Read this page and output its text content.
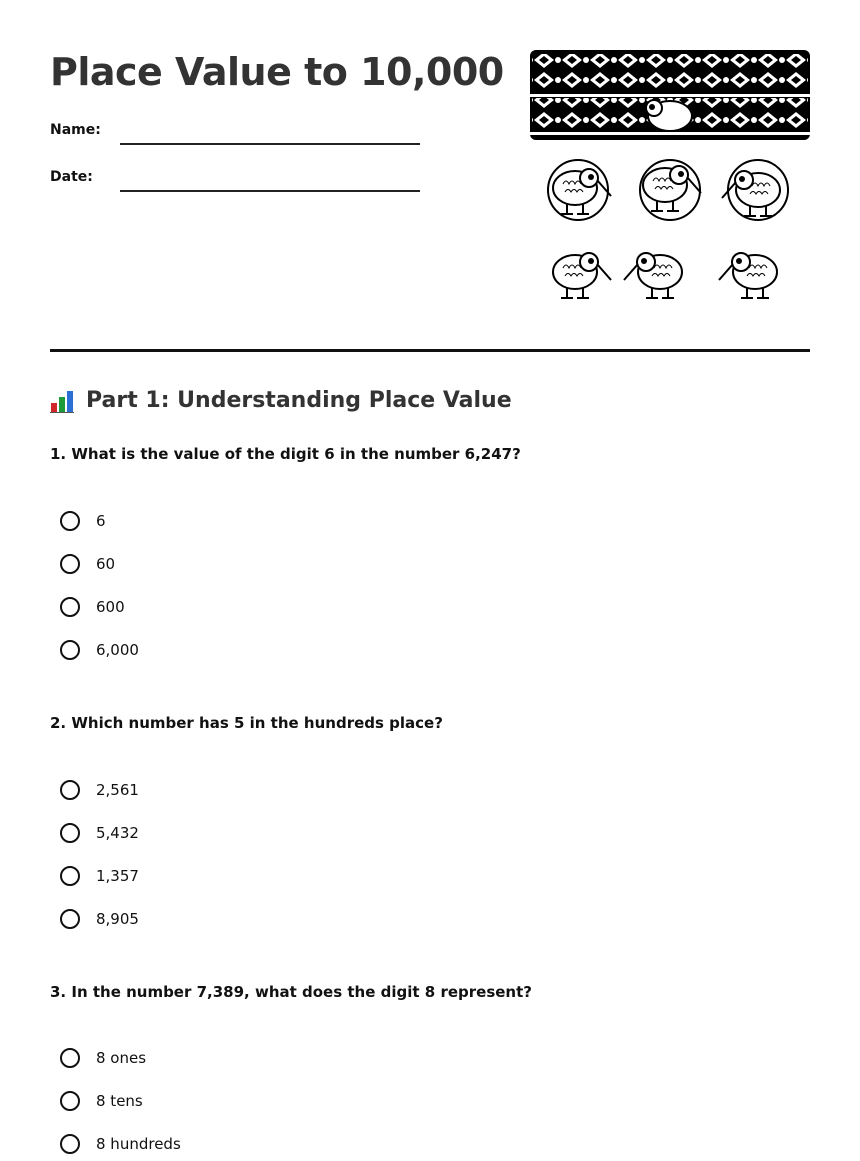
Place Value to 10,000
Name:
Date:
Part 1: Understanding Place Value
1. What is the value of the digit 6 in the number 6,247?
6
60
600
6,000
2. Which number has 5 in the hundreds place?
2,561
5,432
1,357
8,905
3. In the number 7,389, what does the digit 8 represent?
8 ones
8 tens
8 hundreds
